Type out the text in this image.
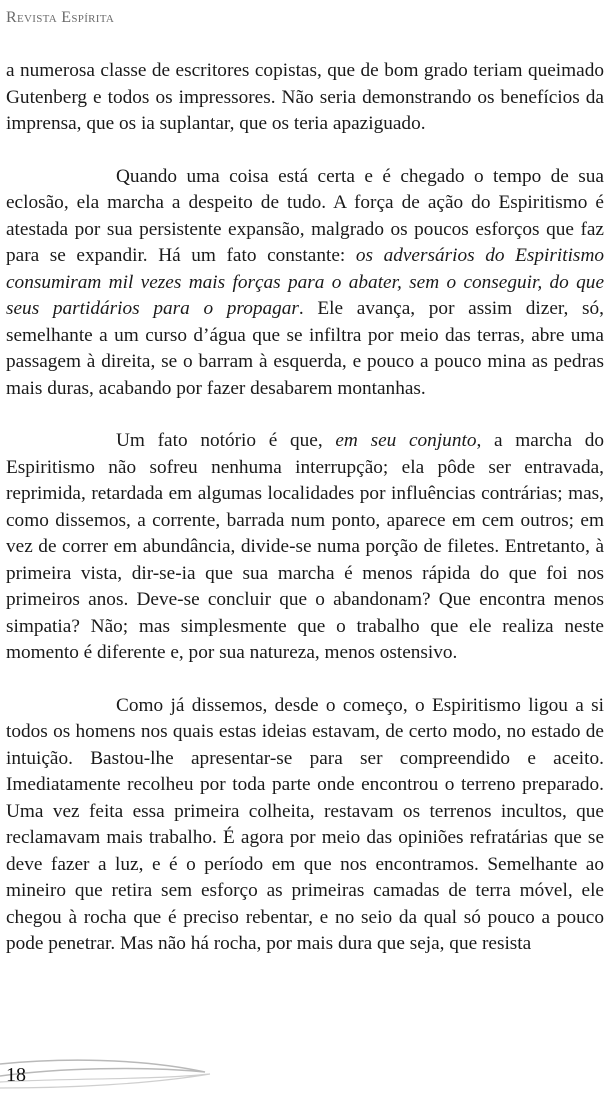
Revista Espírita

a numerosa classe de escritores copistas, que de bom grado teriam queimado Gutenberg e todos os impressores. Não seria demonstrando os benefícios da imprensa, que os ia suplantar, que os teria apaziguado.

Quando uma coisa está certa e é chegado o tempo de sua eclosão, ela marcha a despeito de tudo. A força de ação do Espiritismo é atestada por sua persistente expansão, malgrado os poucos esforços que faz para se expandir. Há um fato constante: os adversários do Espiritismo consumiram mil vezes mais forças para o abater, sem o conseguir, do que seus partidários para o propagar. Ele avança, por assim dizer, só, semelhante a um curso d’água que se infiltra por meio das terras, abre uma passagem à direita, se o barram à esquerda, e pouco a pouco mina as pedras mais duras, acabando por fazer desabarem montanhas.

Um fato notório é que, em seu conjunto, a marcha do Espiritismo não sofreu nenhuma interrupção; ela pôde ser entravada, reprimida, retardada em algumas localidades por influências contrárias; mas, como dissemos, a corrente, barrada num ponto, aparece em cem outros; em vez de correr em abundância, divide-se numa porção de filetes. Entretanto, à primeira vista, dir-se-ia que sua marcha é menos rápida do que foi nos primeiros anos. Deve-se concluir que o abandonam? Que encontra menos simpatia? Não; mas simplesmente que o trabalho que ele realiza neste momento é diferente e, por sua natureza, menos ostensivo.

Como já dissemos, desde o começo, o Espiritismo ligou a si todos os homens nos quais estas ideias estavam, de certo modo, no estado de intuição. Bastou-lhe apresentar-se para ser compreendido e aceito. Imediatamente recolheu por toda parte onde encontrou o terreno preparado. Uma vez feita essa primeira colheita, restavam os terrenos incultos, que reclamavam mais trabalho. É agora por meio das opiniões refratárias que se deve fazer a luz, e é o período em que nos encontramos. Semelhante ao mineiro que retira sem esforço as primeiras camadas de terra móvel, ele chegou à rocha que é preciso rebentar, e no seio da qual só pouco a pouco pode penetrar. Mas não há rocha, por mais dura que seja, que resista

18
